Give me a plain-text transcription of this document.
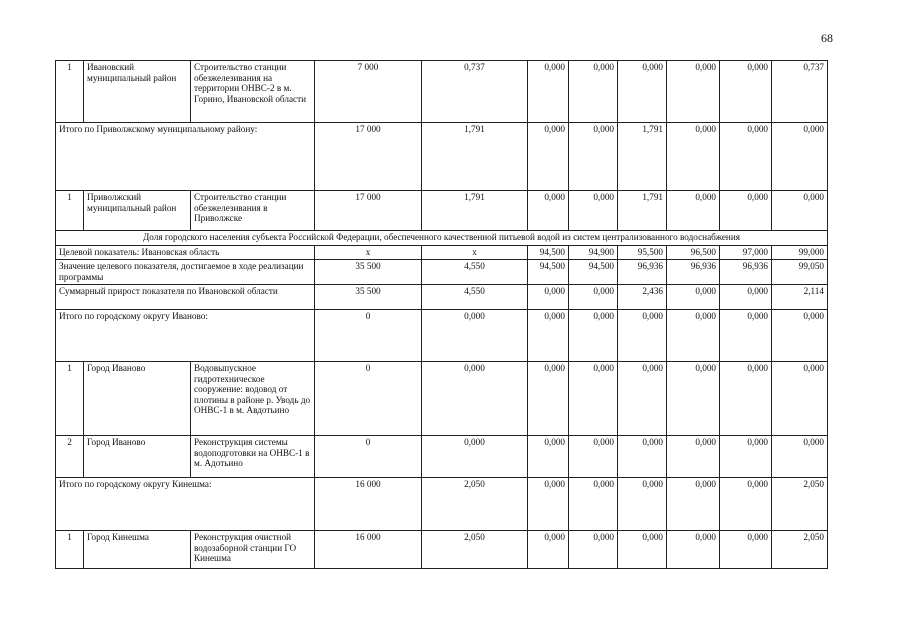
68
1	Ивановский муниципальный район	Строительство станции обезжелезивания на территории ОНВС-2 в м. Горино, Ивановской области	7 000	0,737	0,000	0,000	0,000	0,000	0,000	0,737
Итого по Приволжскому муниципальному району:			17 000	1,791	0,000	0,000	1,791	0,000	0,000	0,000
1	Приволжский муниципальный район	Строительство станции обезжелезивания в Приволжске	17 000	1,791	0,000	0,000	1,791	0,000	0,000	0,000
Доля городского населения субъекта Российской Федерации, обеспеченного качественной питьевой водой из систем централизованного водоснабжения										
Целевой показатель: Ивановская область			х	х	94,500	94,900	95,500	96,500	97,000	99,000
Значение целевого показателя, достигаемое в ходе реализации программы			35 500	4,550	94,500	94,500	96,936	96,936	96,936	99,050
Суммарный прирост показателя по Ивановской области			35 500	4,550	0,000	0,000	2,436	0,000	0,000	2,114
Итого по городскому округу Иваново:			0	0,000	0,000	0,000	0,000	0,000	0,000	0,000
1	Город Иваново	Водовыпускное гидротехническое сооружение: водовод от плотины в районе р. Уводь до ОНВС-1 в м. Авдотьино	0	0,000	0,000	0,000	0,000	0,000	0,000	0,000
2	Город Иваново	Реконструкция системы водоподготовки на ОНВС-1 в м. Адотьино	0	0,000	0,000	0,000	0,000	0,000	0,000	0,000
Итого по городскому округу Кинешма:			16 000	2,050	0,000	0,000	0,000	0,000	0,000	2,050
1	Город Кинешма	Реконструкция очистной водозаборной станции ГО Кинешма	16 000	2,050	0,000	0,000	0,000	0,000	0,000	2,050
